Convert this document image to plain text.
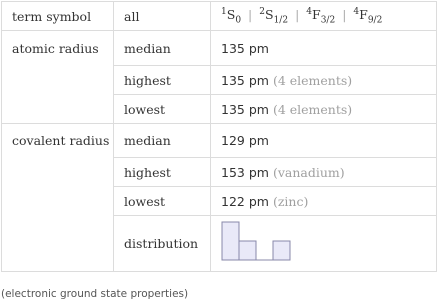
term symbol	all	$^1S_0$ | $^2S_{1/2}$ | $^4F_{3/2}$ | $^4F_{9/2}$
atomic radius	median	135 pm
	highest	135 pm (4 elements)
	lowest	135 pm (4 elements)
covalent radius	median	129 pm
	highest	153 pm (vanadium)
	lowest	122 pm (zinc)
	distribution	
(electronic ground state properties)
